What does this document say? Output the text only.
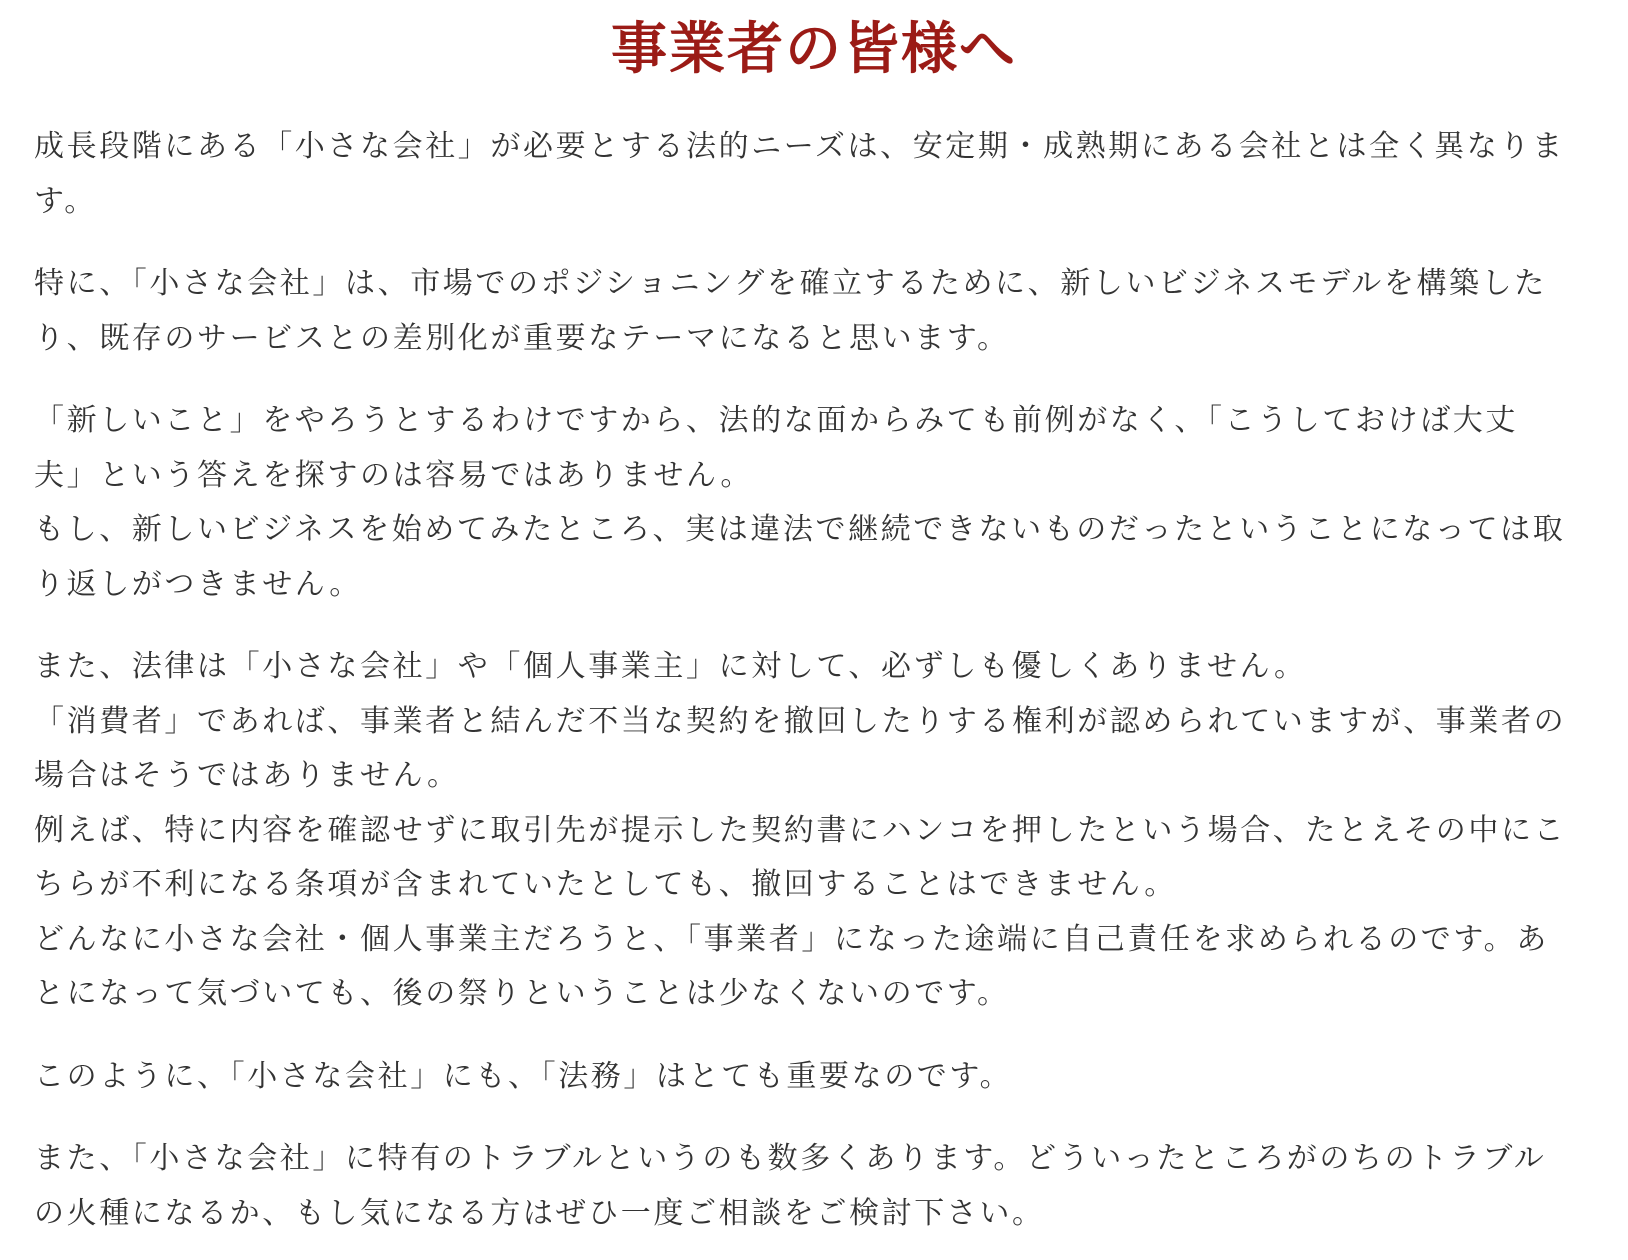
事業者の皆様へ

成長段階にある「小さな会社」が必要とする法的ニーズは、安定期・成熟期にある会社とは全く異なりま
す。

特に、「小さな会社」は、市場でのポジショニングを確立するために、新しいビジネスモデルを構築した
り、既存のサービスとの差別化が重要なテーマになると思います。

「新しいこと」をやろうとするわけですから、法的な面からみても前例がなく、「こうしておけば大丈
夫」という答えを探すのは容易ではありません。
もし、新しいビジネスを始めてみたところ、実は違法で継続できないものだったということになっては取
り返しがつきません。

また、法律は「小さな会社」や「個人事業主」に対して、必ずしも優しくありません。
「消費者」であれば、事業者と結んだ不当な契約を撤回したりする権利が認められていますが、事業者の
場合はそうではありません。
例えば、特に内容を確認せずに取引先が提示した契約書にハンコを押したという場合、たとえその中にこ
ちらが不利になる条項が含まれていたとしても、撤回することはできません。
どんなに小さな会社・個人事業主だろうと、「事業者」になった途端に自己責任を求められるのです。あ
とになって気づいても、後の祭りということは少なくないのです。

このように、「小さな会社」にも、「法務」はとても重要なのです。

また、「小さな会社」に特有のトラブルというのも数多くあります。どういったところがのちのトラブル
の火種になるか、もし気になる方はぜひ一度ご相談をご検討下さい。
